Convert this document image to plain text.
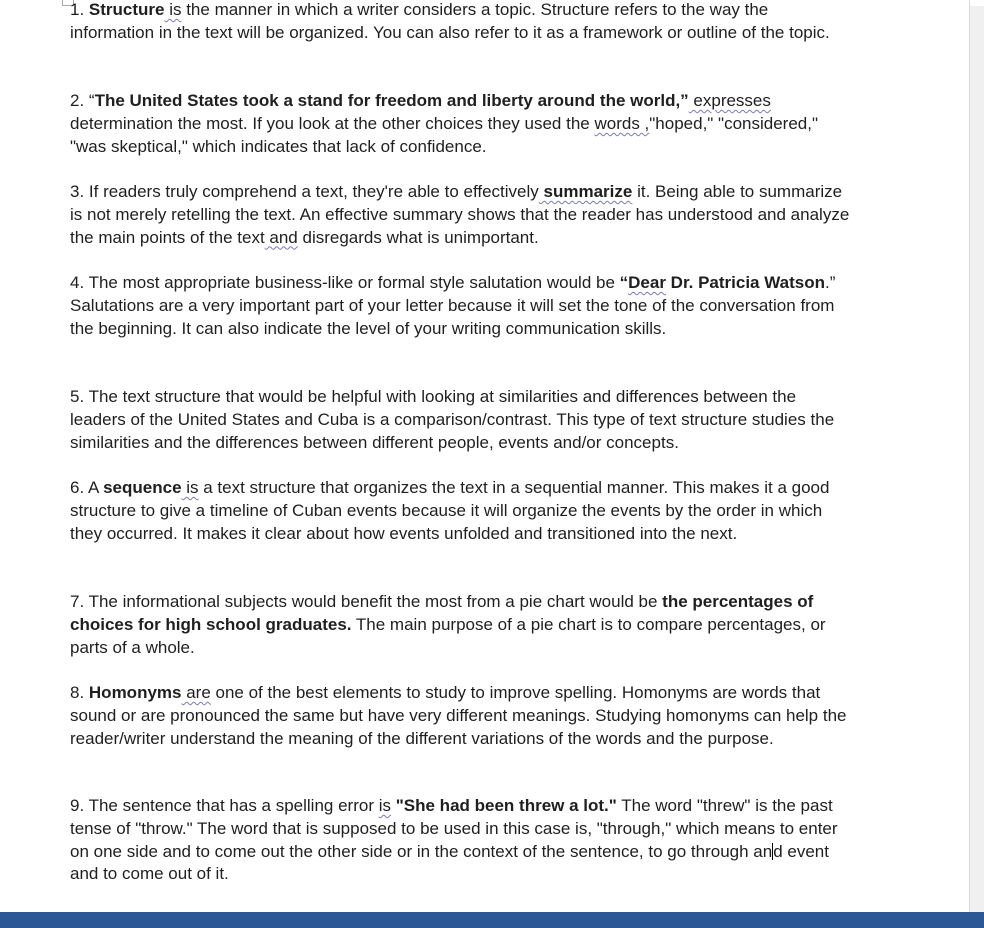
1. Structure is the manner in which a writer considers a topic. Structure refers to the way the information in the text will be organized. You can also refer to it as a framework or outline of the topic.

2. “The United States took a stand for freedom and liberty around the world,” expresses determination the most. If you look at the other choices they used the words ,"hoped," "considered," "was skeptical," which indicates that lack of confidence.

3. If readers truly comprehend a text, they're able to effectively summarize it. Being able to summarize is not merely retelling the text. An effective summary shows that the reader has understood and analyze the main points of the text and disregards what is unimportant.

4. The most appropriate business-like or formal style salutation would be “Dear Dr. Patricia Watson.” Salutations are a very important part of your letter because it will set the tone of the conversation from the beginning. It can also indicate the level of your writing communication skills.

5. The text structure that would be helpful with looking at similarities and differences between the leaders of the United States and Cuba is a comparison/contrast. This type of text structure studies the similarities and the differences between different people, events and/or concepts.

6. A sequence is a text structure that organizes the text in a sequential manner. This makes it a good structure to give a timeline of Cuban events because it will organize the events by the order in which they occurred. It makes it clear about how events unfolded and transitioned into the next.

7. The informational subjects would benefit the most from a pie chart would be the percentages of choices for high school graduates. The main purpose of a pie chart is to compare percentages, or parts of a whole.

8. Homonyms are one of the best elements to study to improve spelling. Homonyms are words that sound or are pronounced the same but have very different meanings. Studying homonyms can help the reader/writer understand the meaning of the different variations of the words and the purpose.

9. The sentence that has a spelling error is "She had been threw a lot." The word "threw" is the past tense of "throw." The word that is supposed to be used in this case is, "through," which means to enter on one side and to come out the other side or in the context of the sentence, to go through and event and to come out of it.
